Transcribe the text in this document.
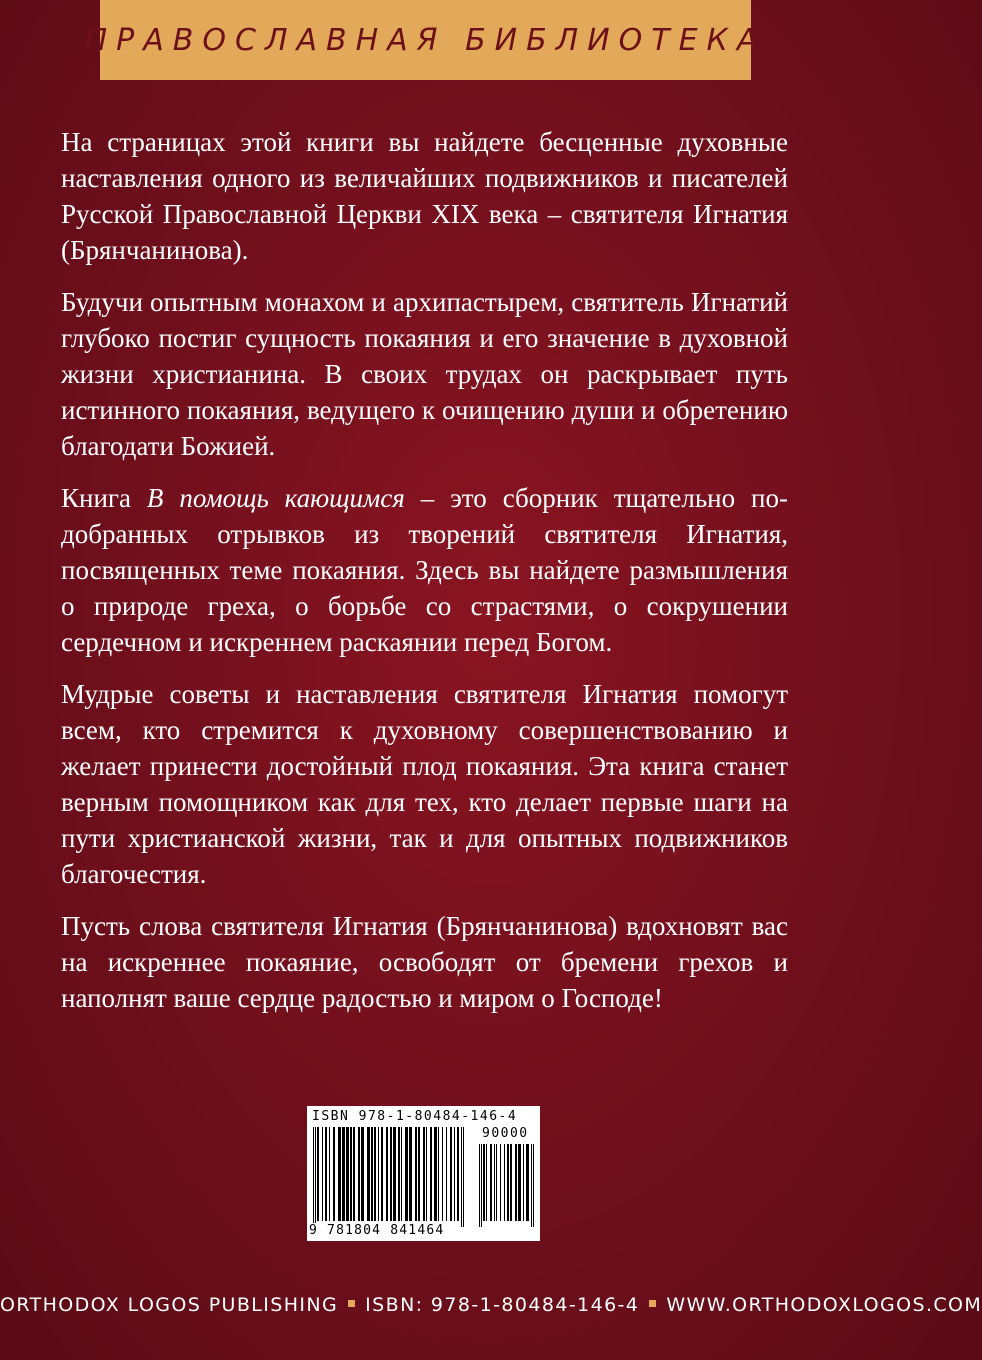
ПРАВОСЛАВНАЯ БИБЛИОТЕКА

На страницах этой книги вы найдете бесценные духовные наставления одного из величайших подвижников и писателей Русской Православной Церкви XIX века – святителя Игнатия (Брянчанинова).

Будучи опытным монахом и архипастырем, святитель Игнатий глубоко постиг сущность покаяния и его значение в духовной жизни христианина. В своих трудах он раскрывает путь истинного покаяния, ведущего к очищению души и обретению благодати Божией.

Книга В помощь кающимся – это сборник тщательно подобранных отрывков из творений святителя Игнатия, посвященных теме покаяния. Здесь вы найдете размышления о природе греха, о борьбе со страстями, о сокрушении сердечном и искреннем раскаянии перед Богом.

Мудрые советы и наставления святителя Игнатия помогут всем, кто стремится к духовному совершенствованию и желает принести достойный плод покаяния. Эта книга станет верным помощником как для тех, кто делает первые шаги на пути христианской жизни, так и для опытных подвижников благочестия.

Пусть слова святителя Игнатия (Брянчанинова) вдохновят вас на искреннее покаяние, освободят от бремени грехов и наполнят ваше сердце радостью и миром о Господе!

ISBN 978-1-80484-146-4
90000
9 781804 841464
ORTHODOX LOGOS PUBLISHING ISBN: 978-1-80484-146-4 WWW.ORTHODOXLOGOS.COM
